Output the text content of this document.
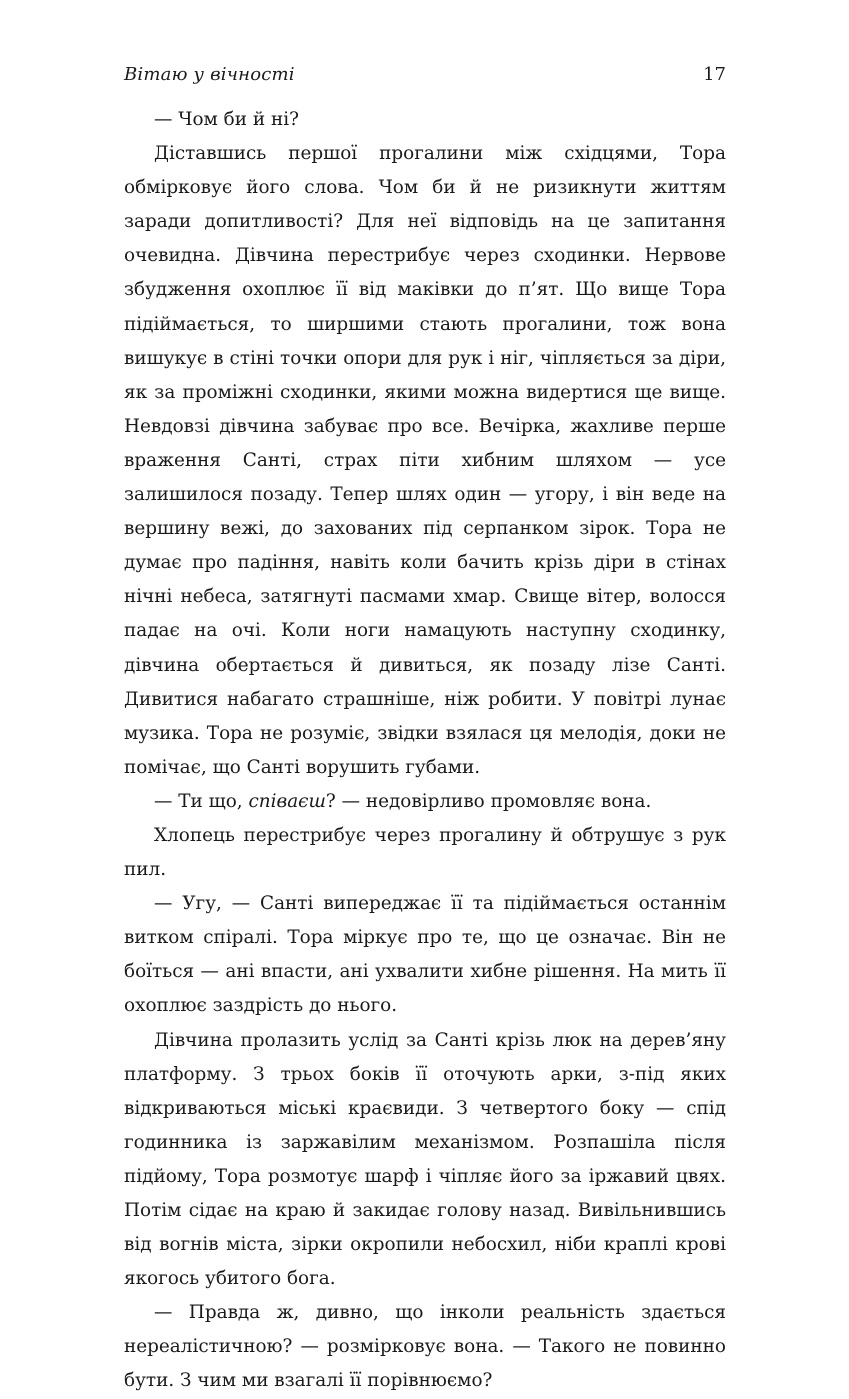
Вітаю у вічності	17

— Чом би й ні?

Діставшись першої прогалини між східцями, Тора обмірковує його слова. Чом би й не ризикнути життям заради допитливості? Для неї відповідь на це запитання очевидна. Дівчина перестрибує через сходинки. Нервове збудження охоплює її від маківки до п’ят. Що вище Тора підіймається, то ширшими стають прогалини, тож вона вишукує в стіні точки опори для рук і ніг, чіпляється за діри, як за проміжні сходинки, якими можна видертися ще вище. Невдовзі дівчина забуває про все. Вечірка, жахливе перше враження Санті, страх піти хибним шляхом — усе залишилося позаду. Тепер шлях один — угору, і він веде на вершину вежі, до захованих під серпанком зірок. Тора не думає про падіння, навіть коли бачить крізь діри в стінах нічні небеса, затягнуті пасмами хмар. Свище вітер, волосся падає на очі. Коли ноги намацують наступну сходинку, дівчина обертається й дивиться, як позаду лізе Санті. Дивитися набагато страшніше, ніж робити. У повітрі лунає музика. Тора не розуміє, звідки взялася ця мелодія, доки не помічає, що Санті ворушить губами.

— Ти що, співаєш? — недовірливо промовляє вона.

Хлопець перестрибує через прогалину й обтрушує з рук пил.

— Угу, — Санті випереджає її та підіймається останнім витком спіралі. Тора міркує про те, що це означає. Він не боїться — ані впасти, ані ухвалити хибне рішення. На мить її охоплює заздрість до нього.

Дівчина пролазить услід за Санті крізь люк на дерев’яну платформу. З трьох боків її оточують арки, з-під яких відкриваються міські краєвиди. З четвертого боку — спід годинника із заржавілим механізмом. Розпашіла після підйому, Тора розмотує шарф і чіпляє його за іржавий цвях. Потім сідає на краю й закидає голову назад. Вивільнившись від вогнів міста, зірки окропили небосхил, ніби краплі крові якогось убитого бога.

— Правда ж, дивно, що інколи реальність здається нереалістичною? — розмірковує вона. — Такого не повинно бути. З чим ми взагалі її порівнюємо?
